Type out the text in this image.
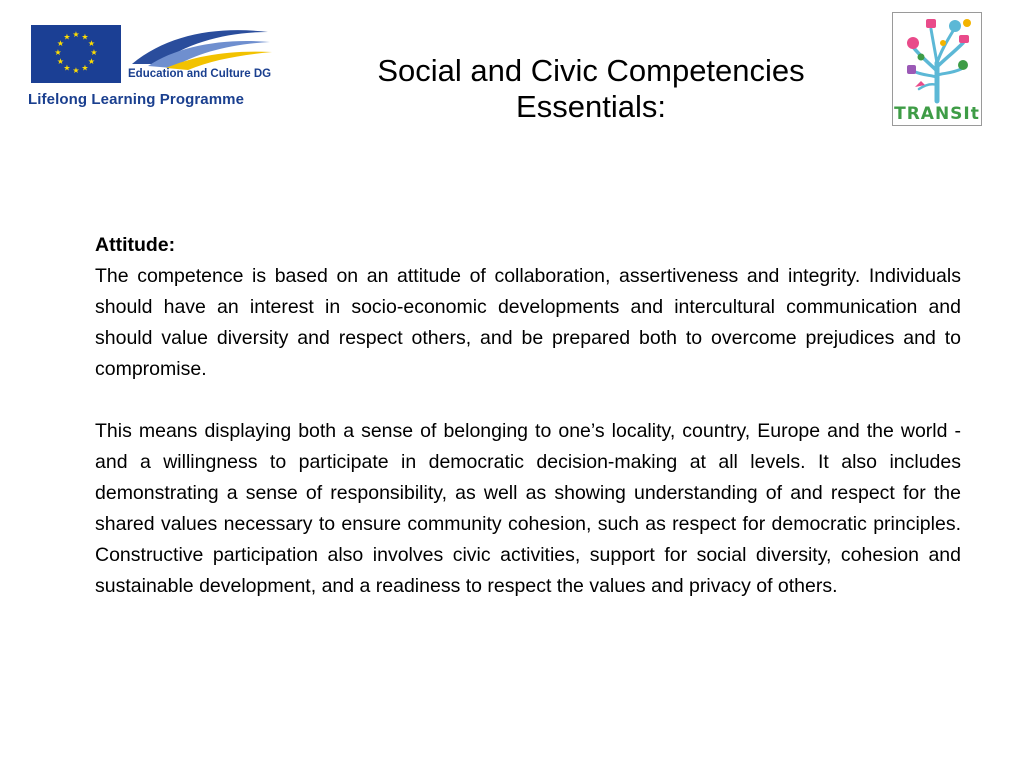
★ ★
★
★
★
★
★
★
★
★
★
★
Education and Culture DG
Lifelong Learning Programme
Social and Civic Competencies
Essentials:	TRANSIt

Attitude:

The competence is based on an attitude of collaboration, assertiveness and integrity. Individuals should have an interest in socio-economic developments and intercultural communication and should value diversity and respect others, and be prepared both to overcome prejudices and to compromise.

This means displaying both a sense of belonging to one’s locality, country, Europe and the world - and a willingness to participate in democratic decision-making at all levels. It also includes demonstrating a sense of responsibility, as well as showing understanding of and respect for the shared values necessary to ensure community cohesion, such as respect for democratic principles. Constructive participation also involves civic activities, support for social diversity, cohesion and sustainable development, and a readiness to respect the values and privacy of others.
